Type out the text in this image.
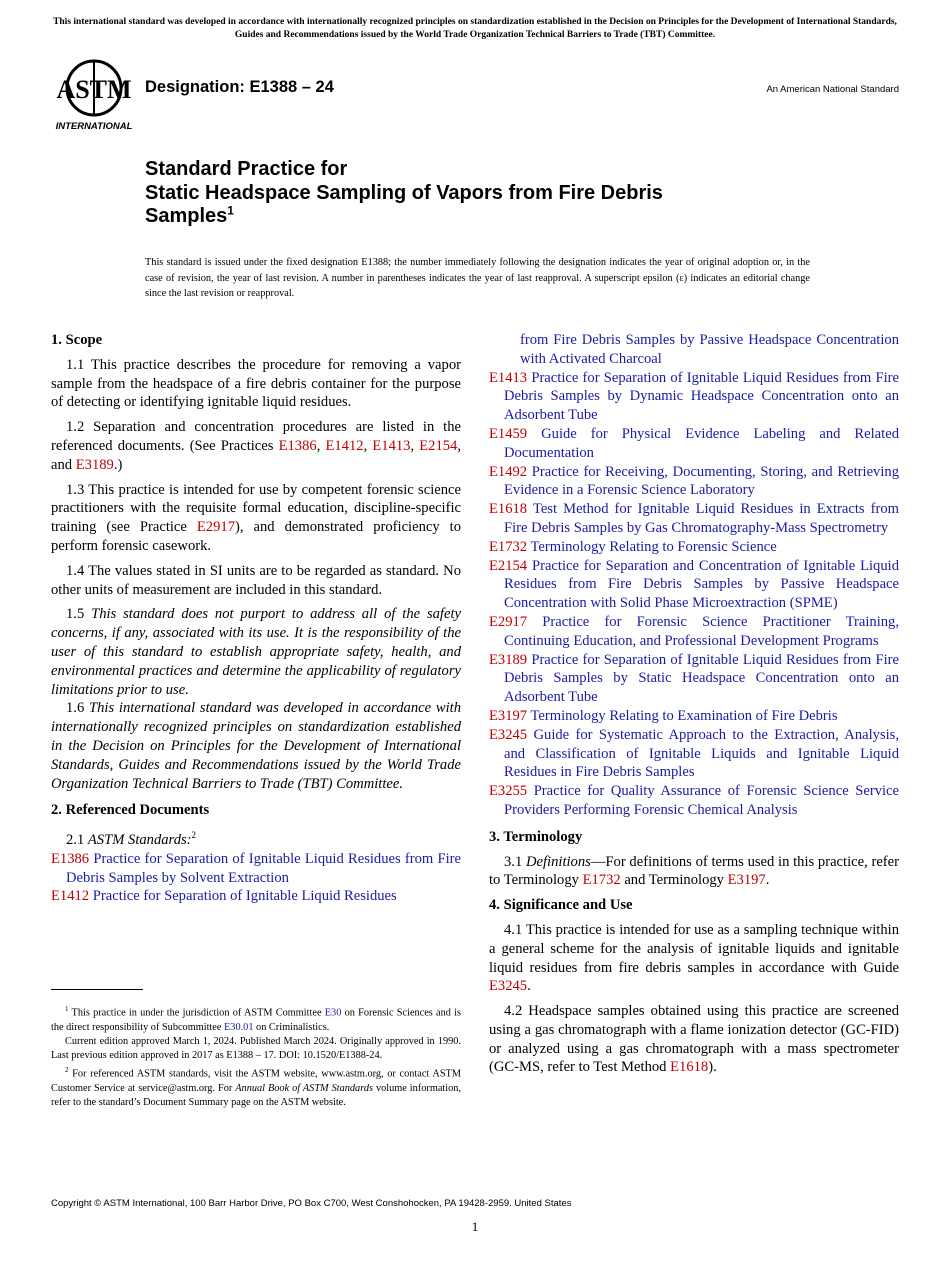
This international standard was developed in accordance with internationally recognized principles on standardization established in the Decision on Principles for the Development of International Standards, Guides and Recommendations issued by the World Trade Organization Technical Barriers to Trade (TBT) Committee.
ASTM
INTERNATIONAL
Designation: E1388 – 24	An American National Standard
Standard Practice for
Static Headspace Sampling of Vapors from Fire Debris
Samples$^1$
This standard is issued under the fixed designation E1388; the number immediately following the designation indicates the year of original adoption or, in the case of revision, the year of last revision. A number in parentheses indicates the year of last reapproval. A superscript epsilon (ε) indicates an editorial change since the last revision or reapproval.
1. Scope

1.1 This practice describes the procedure for removing a vapor sample from the headspace of a fire debris container for the purpose of detecting or identifying ignitable liquid residues.

1.2 Separation and concentration procedures are listed in the referenced documents. (See Practices E1386, E1412, E1413, E2154, and E3189.)

1.3 This practice is intended for use by competent forensic science practitioners with the requisite formal education, discipline-specific training (see Practice E2917), and demonstrated proficiency to perform forensic casework.

1.4 The values stated in SI units are to be regarded as standard. No other units of measurement are included in this standard.

1.5 This standard does not purport to address all of the safety concerns, if any, associated with its use. It is the responsibility of the user of this standard to establish appropriate safety, health, and environmental practices and determine the applicability of regulatory limitations prior to use.

1.6 This international standard was developed in accordance with internationally recognized principles on standardization established in the Decision on Principles for the Development of International Standards, Guides and Recommendations issued by the World Trade Organization Technical Barriers to Trade (TBT) Committee.

2. Referenced Documents

2.1 ASTM Standards:$^2$

E1386 Practice for Separation of Ignitable Liquid Residues from Fire Debris Samples by Solvent Extraction

E1412 Practice for Separation of Ignitable Liquid Residues

$^1$ This practice in under the jurisdiction of ASTM Committee E30 on Forensic Sciences and is the direct responsibility of Subcommittee E30.01 on Criminalistics.

Current edition approved March 1, 2024. Published March 2024. Originally approved in 1990. Last previous edition approved in 2017 as E1388 – 17. DOI: 10.1520/E1388-24.

$^2$ For referenced ASTM standards, visit the ASTM website, www.astm.org, or contact ASTM Customer Service at service@astm.org. For Annual Book of ASTM Standards volume information, refer to the standard’s Document Summary page on the ASTM website.

from Fire Debris Samples by Passive Headspace Concentration with Activated Charcoal

E1413 Practice for Separation of Ignitable Liquid Residues from Fire Debris Samples by Dynamic Headspace Concentration onto an Adsorbent Tube

E1459 Guide for Physical Evidence Labeling and Related Documentation

E1492 Practice for Receiving, Documenting, Storing, and Retrieving Evidence in a Forensic Science Laboratory

E1618 Test Method for Ignitable Liquid Residues in Extracts from Fire Debris Samples by Gas Chromatography-Mass Spectrometry

E1732 Terminology Relating to Forensic Science

E2154 Practice for Separation and Concentration of Ignitable Liquid Residues from Fire Debris Samples by Passive Headspace Concentration with Solid Phase Microextraction (SPME)

E2917 Practice for Forensic Science Practitioner Training, Continuing Education, and Professional Development Programs

E3189 Practice for Separation of Ignitable Liquid Residues from Fire Debris Samples by Static Headspace Concentration onto an Adsorbent Tube

E3197 Terminology Relating to Examination of Fire Debris

E3245 Guide for Systematic Approach to the Extraction, Analysis, and Classification of Ignitable Liquids and Ignitable Liquid Residues in Fire Debris Samples

E3255 Practice for Quality Assurance of Forensic Science Service Providers Performing Forensic Chemical Analysis

3. Terminology

3.1 Definitions—For definitions of terms used in this practice, refer to Terminology E1732 and Terminology E3197.

4. Significance and Use

4.1 This practice is intended for use as a sampling technique within a general scheme for the analysis of ignitable liquids and ignitable liquid residues from fire debris samples in accordance with Guide E3245.

4.2 Headspace samples obtained using this practice are screened using a gas chromatograph with a flame ionization detector (GC-FID) or analyzed using a gas chromatograph with a mass spectrometer (GC-MS, refer to Test Method E1618).

Copyright © ASTM International, 100 Barr Harbor Drive, PO Box C700, West Conshohocken, PA 19428-2959. United States
1
